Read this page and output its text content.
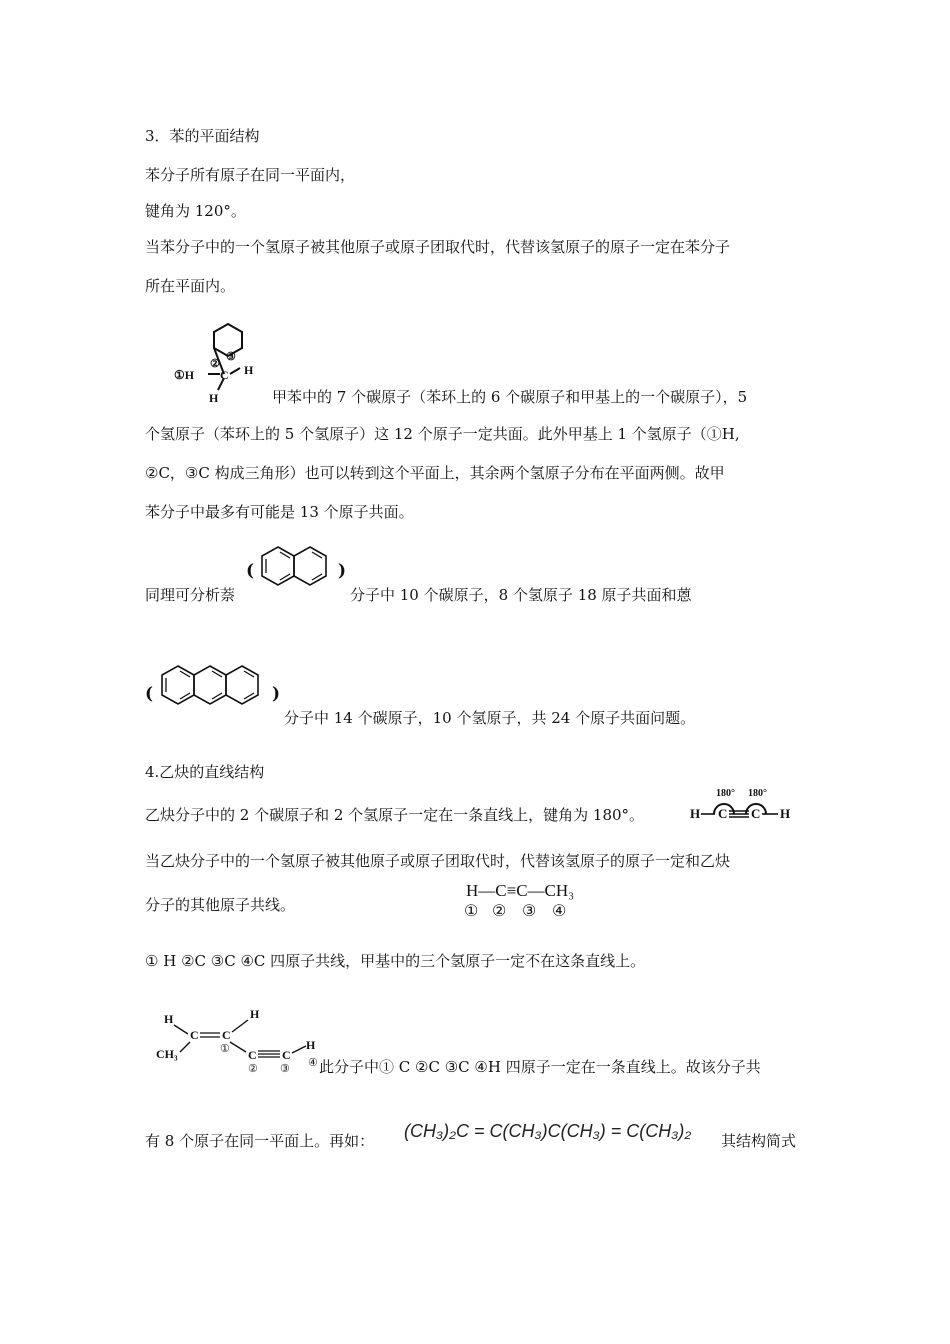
3．苯的平面结构
苯分子所有原子在同一平面内，
键角为 120°。
当苯分子中的一个氢原子被其他原子或原子团取代时，代替该氢原子的原子一定在苯分子
所在平面内。
①H
②
③
C H
H	甲苯中的 7 个碳原子（苯环上的 6 个碳原子和甲基上的一个碳原子），5
个氢原子（苯环上的 5 个氢原子）这 12 个原子一定共面。此外甲基上 1 个氢原子（①H,
②C，③C 构成三角形）也可以转到这个平面上，其余两个氢原子分布在平面两侧。故甲
苯分子中最多有可能是 13 个原子共面。
同理可分析萘
(	)
分子中 10 个碳原子，8 个氢原子 18 原子共面和蒽
(	)
分子中 14 个碳原子，10 个氢原子，共 24 个原子共面问题。
4.乙炔的直线结构
乙炔分子中的 2 个碳原子和 2 个氢原子一定在一条直线上，键角为 180°。
180° 180°
H C C H
当乙炔分子中的一个氢原子被其他原子或原子团取代时，代替该氢原子的原子一定和乙炔
分子的其他原子共线。
H—C≡C—CH₃
① ② ③ ④
① H ②C ③C ④C 四原子共线，甲基中的三个氢原子一定不在这条直线上。
H	H
C C
CH₃	① C C
H
② ③ ④ 此分子中① C ②C ③C ④H 四原子一定在一条直线上。故该分子共
有 8 个原子在同一平面上。再如： (CH₃)₂C = C(CH₃)C(CH₃) = C(CH₃)₂ 其结构简式
